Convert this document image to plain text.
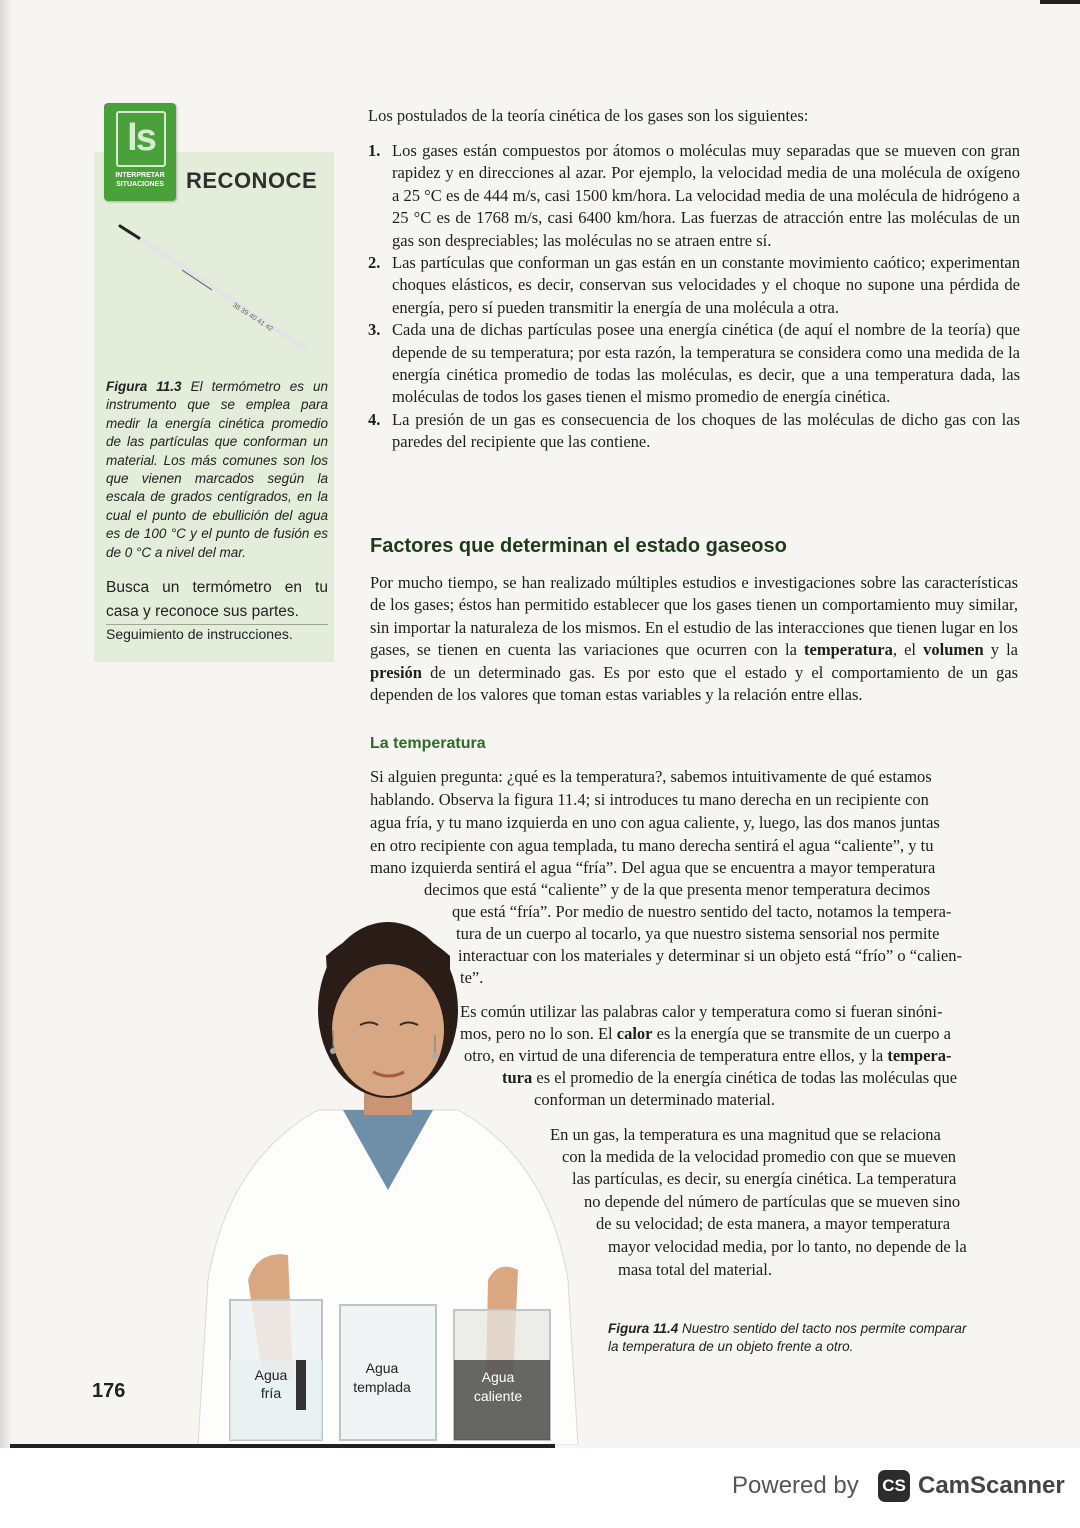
ls
INTERPRETAR
SITUACIONES	RECONOCE
38 39 40 41 42
Figura 11.3 El termómetro es un instrumento que se emplea para medir la energía cinética promedio de las partículas que conforman un material. Los más comunes son los que vienen marcados según la escala de grados centígrados, en la cual el punto de ebullición del agua es de 100 °C y el punto de fusión es de 0 °C a nivel del mar.
Busca un termómetro en tu casa y reconoce sus partes.
Seguimiento de instrucciones.
Los postulados de la teoría cinética de los gases son los siguientes:
1. Los gases están compuestos por átomos o moléculas muy separadas que se mueven con gran rapidez y en direcciones al azar. Por ejemplo, la velocidad media de una molécula de oxígeno a 25 °C es de 444 m/s, casi 1500 km/hora. La velocidad media de una molécula de hidrógeno a 25 °C es de 1768 m/s, casi 6400 km/hora. Las fuerzas de atracción entre las moléculas de un gas son despreciables; las moléculas no se atraen entre sí.
2. Las partículas que conforman un gas están en un constante movimiento caótico; experimentan choques elásticos, es decir, conservan sus velocidades y el choque no supone una pérdida de energía, pero sí pueden transmitir la energía de una molécula a otra.
3. Cada una de dichas partículas posee una energía cinética (de aquí el nombre de la teoría) que depende de su temperatura; por esta razón, la temperatura se considera como una medida de la energía cinética promedio de todas las moléculas, es decir, que a una temperatura dada, las moléculas de todos los gases tienen el mismo promedio de energía cinética.
4. La presión de un gas es consecuencia de los choques de las moléculas de dicho gas con las paredes del recipiente que las contiene.
Factores que determinan el estado gaseoso
Por mucho tiempo, se han realizado múltiples estudios e investigaciones sobre las características de los gases; éstos han permitido establecer que los gases tienen un comportamiento muy similar, sin importar la naturaleza de los mismos. En el estudio de las interacciones que tienen lugar en los gases, se tienen en cuenta las variaciones que ocurren con la temperatura, el volumen y la presión de un determinado gas. Es por esto que el estado y el comportamiento de un gas dependen de los valores que toman estas variables y la relación entre ellas.
La temperatura
Si alguien pregunta: ¿qué es la temperatura?, sabemos intuitivamente de qué estamos
hablando. Observa la figura 11.4; si introduces tu mano derecha en un recipiente con
agua fría, y tu mano izquierda en uno con agua caliente, y, luego, las dos manos juntas
en otro recipiente con agua templada, tu mano derecha sentirá el agua “caliente”, y tu
mano izquierda sentirá el agua “fría”. Del agua que se encuentra a mayor temperatura
decimos que está “caliente” y de la que presenta menor temperatura decimos
que está “fría”. Por medio de nuestro sentido del tacto, notamos la tempera-
tura de un cuerpo al tocarlo, ya que nuestro sistema sensorial nos permite
interactuar con los materiales y determinar si un objeto está “frío” o “calien-
te”.
Es común utilizar las palabras calor y temperatura como si fueran sinóni-
mos, pero no lo son. El calor es la energía que se transmite de un cuerpo a
otro, en virtud de una diferencia de temperatura entre ellos, y la tempera-
tura es el promedio de la energía cinética de todas las moléculas que
conforman un determinado material.
En un gas, la temperatura es una magnitud que se relaciona
con la medida de la velocidad promedio con que se mueven
las partículas, es decir, su energía cinética. La temperatura
no depende del número de partículas que se mueven sino
de su velocidad; de esta manera, a mayor temperatura
mayor velocidad media, por lo tanto, no depende de la
masa total del material.
Figura 11.4 Nuestro sentido del tacto nos permite comparar la temperatura de un objeto frente a otro.
Agua
fría
Agua
templada
Agua
caliente
176
Powered by CS CamScanner
